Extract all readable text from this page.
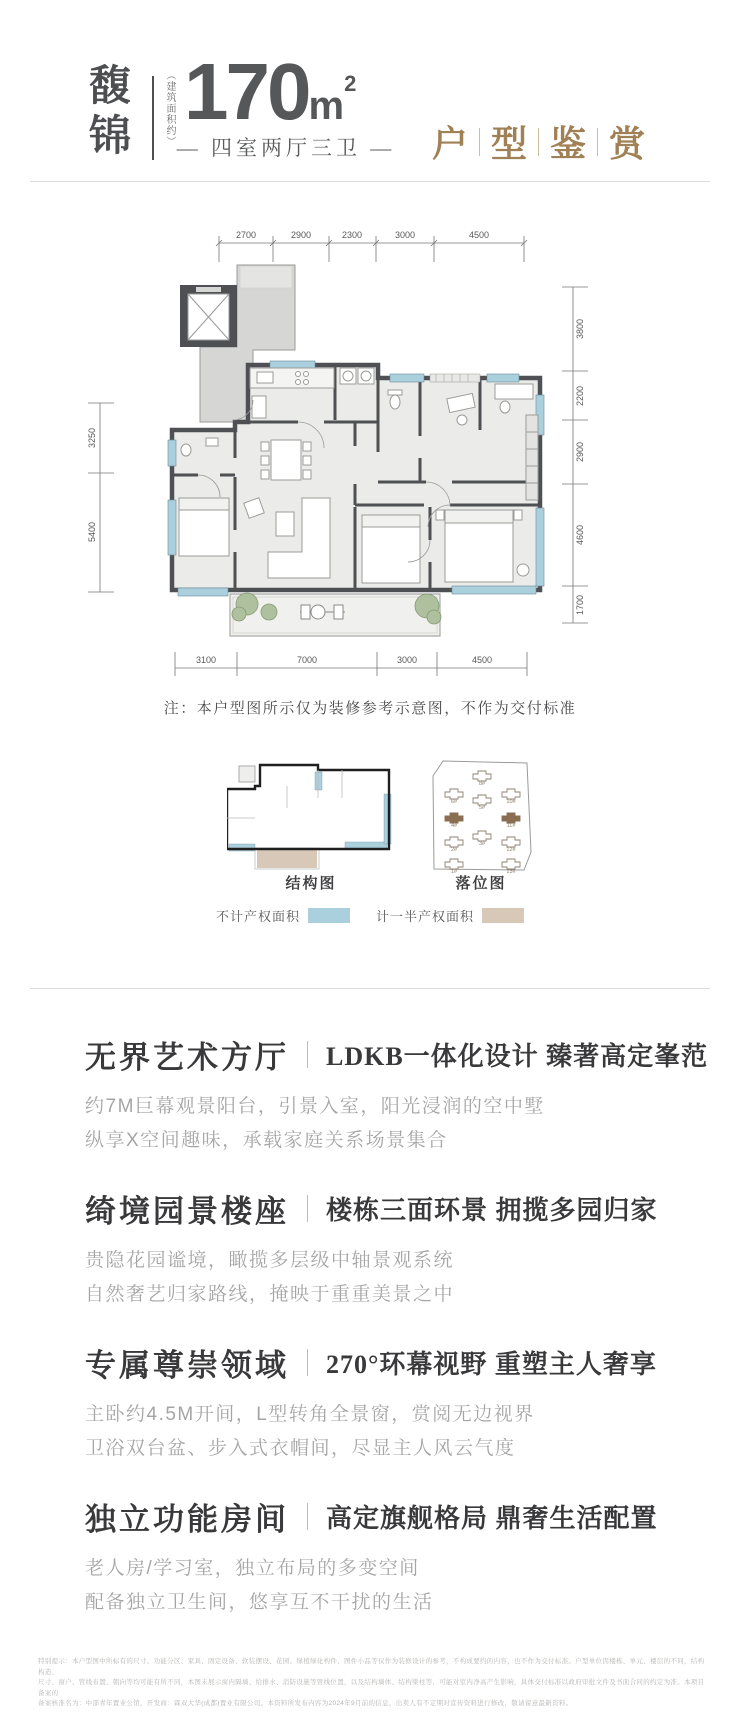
馥
锦	（建筑面积约） 170m2
— 四室两厅三卫 —	户 型 鉴 赏
2700	2900	2300	3000	4500
3800
2200
2900
4600
1700
3250
5400
3100	7000	3000	4500

注：本户型图所示仅为装修参考示意图，不作为交付标准

8#
6#
5#
10#
4#	11#
2#
3#
12#
1#	13#
结构图	落位图
不计产权面积	计一半产权面积
无界艺术方厅 LDKB一体化设计 臻著高定峯范

约7M巨幕观景阳台，引景入室，阳光浸润的空中墅

纵享X空间趣味，承载家庭关系场景集合

绮境园景楼座 楼栋三面环景 拥揽多园归家

贵隐花园谧境，瞰揽多层级中轴景观系统

自然奢艺归家路线，掩映于重重美景之中

专属尊崇领域 270°环幕视野 重塑主人奢享

主卧约4.5M开间，L型转角全景窗，赏阅无边视界

卫浴双台盆、步入式衣帽间，尽显主人风云气度

独立功能房间 高定旗舰格局 鼎奢生活配置

老人房/学习室，独立布局的多变空间

配备独立卫生间，悠享互不干扰的生活

特别提示：本户型图中所标有的尺寸、功能分区、家具、固定设备、软装摆设、花园、绿植绿化构件、图件小品等仅作为装修设计的参考，不构成要约的内容，也不作为交付标准。户型单位因楼栋、单元、楼层的不同，结构构造、

尺寸、窗户、管线布置、朝向等均可能有所不同，本图未展示窗内隔墙、给排水、消防设施等管线位置，以及结构墙体、结构梁柱等，可能对室内净高产生影响，具体交付标准以政府审批文件及书面合同的约定为准。本项目备案的

备案核准名为：中部青年置业公馆，开发商：霖双大华(成都)置业有限公司。本资料所发布内容为2024年9月前的信息，出卖人有不定期对宣传资料进行修改，敬请留意最新资料。
